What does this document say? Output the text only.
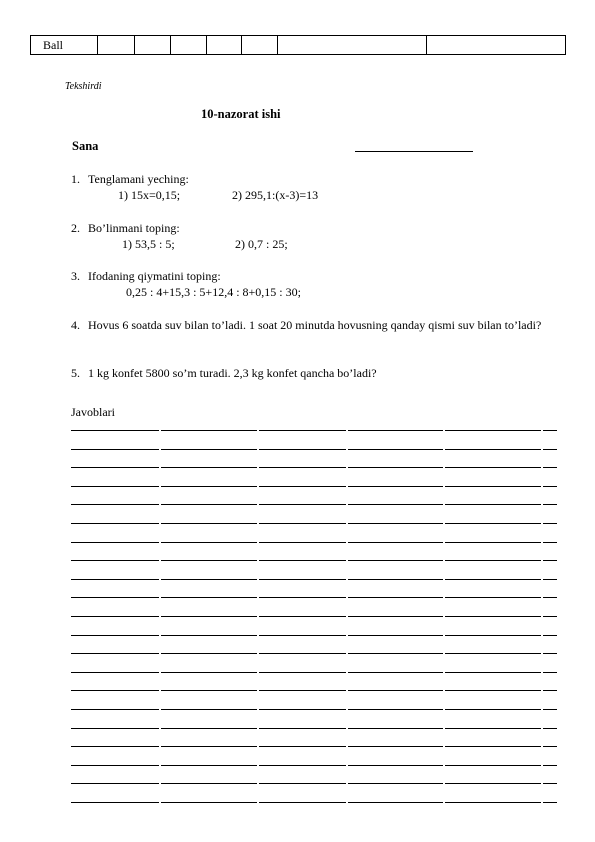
Ball							
Tekshirdi
10-nazorat ishi
Sana
1. Tenglamani yeching:
1) 15x=0,15;	2) 295,1:(x-3)=13
2. Bo’linmani toping:
1) 53,5 : 5;	2) 0,7 : 25;
3. Ifodaning qiymatini toping:
0,25 : 4+15,3 : 5+12,4 : 8+0,15 : 30;
4. Hovus 6 soatda suv bilan to’ladi. 1 soat 20 minutda hovusning qanday qismi suv bilan to’ladi?
5. 1 kg konfet 5800 so’m turadi. 2,3 kg konfet qancha bo’ladi?
Javoblari
